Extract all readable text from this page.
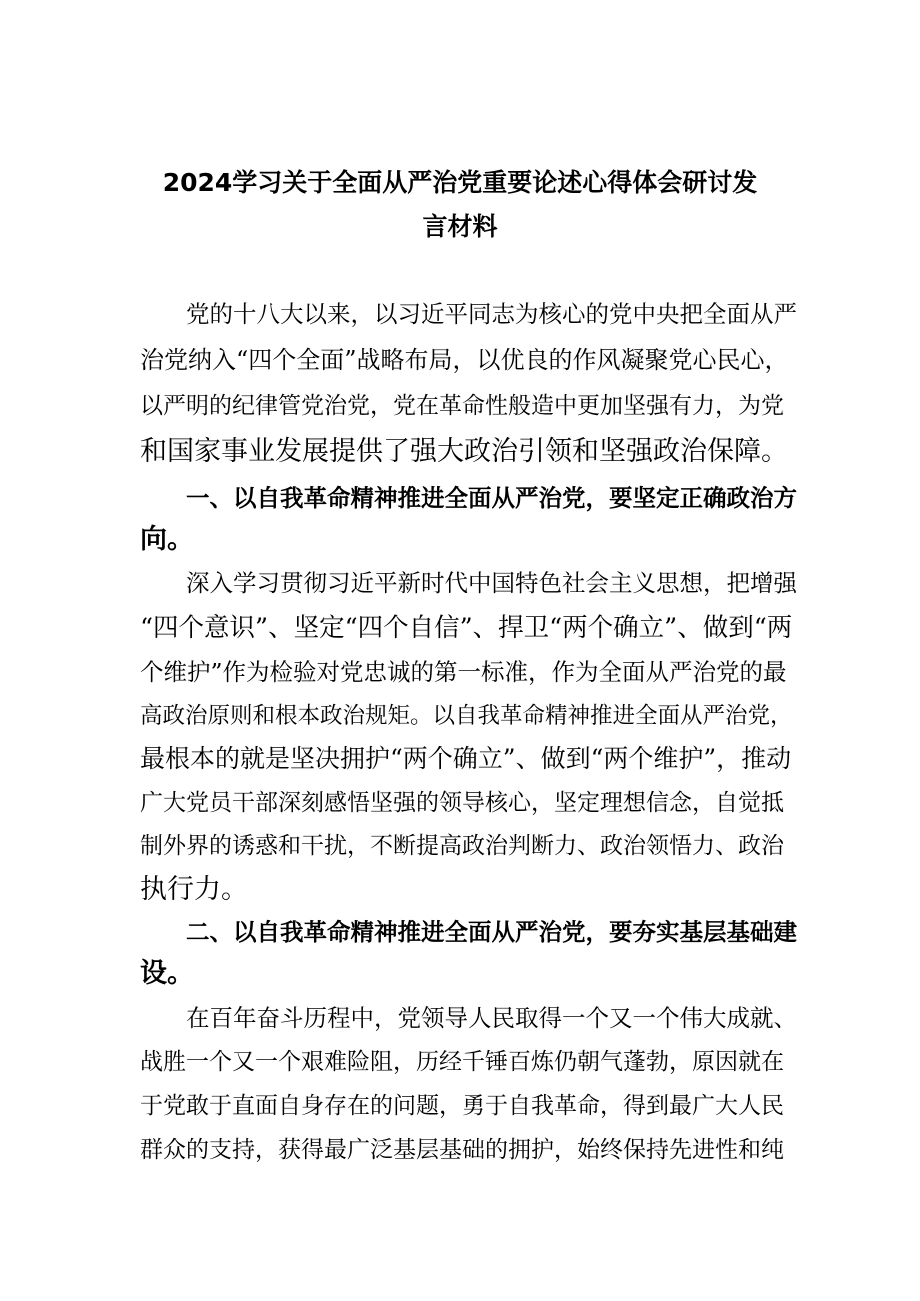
2024学习关于全面从严治党重要论述心得体会研讨发
言材料

党的十八大以来，以习近平同志为核心的党中央把全面从严

治党纳入“四个全面”战略布局，以优良的作风凝聚党心民心，

以严明的纪律管党治党，党在革命性般造中更加坚强有力，为党

和国家事业发展提供了强大政治引领和坚强政治保障。

一、以自我革命精神推进全面从严治党，要坚定正确政治方

向。

深入学习贯彻习近平新时代中国特色社会主义思想，把增强

“四个意识”、坚定“四个自信”、捍卫“两个确立”、做到“两

个维护”作为检验对党忠诚的第一标准，作为全面从严治党的最

高政治原则和根本政治规矩。以自我革命精神推进全面从严治党，

最根本的就是坚决拥护“两个确立”、做到“两个维护”，推动

广大党员干部深刻感悟坚强的领导核心，坚定理想信念，自觉抵

制外界的诱惑和干扰，不断提高政治判断力、政治领悟力、政治

执行力。

二、以自我革命精神推进全面从严治党，要夯实基层基础建

设。

在百年奋斗历程中，党领导人民取得一个又一个伟大成就、

战胜一个又一个艰难险阻，历经千锤百炼仍朝气蓬勃，原因就在

于党敢于直面自身存在的问题，勇于自我革命，得到最广大人民

群众的支持，获得最广泛基层基础的拥护，始终保持先进性和纯
